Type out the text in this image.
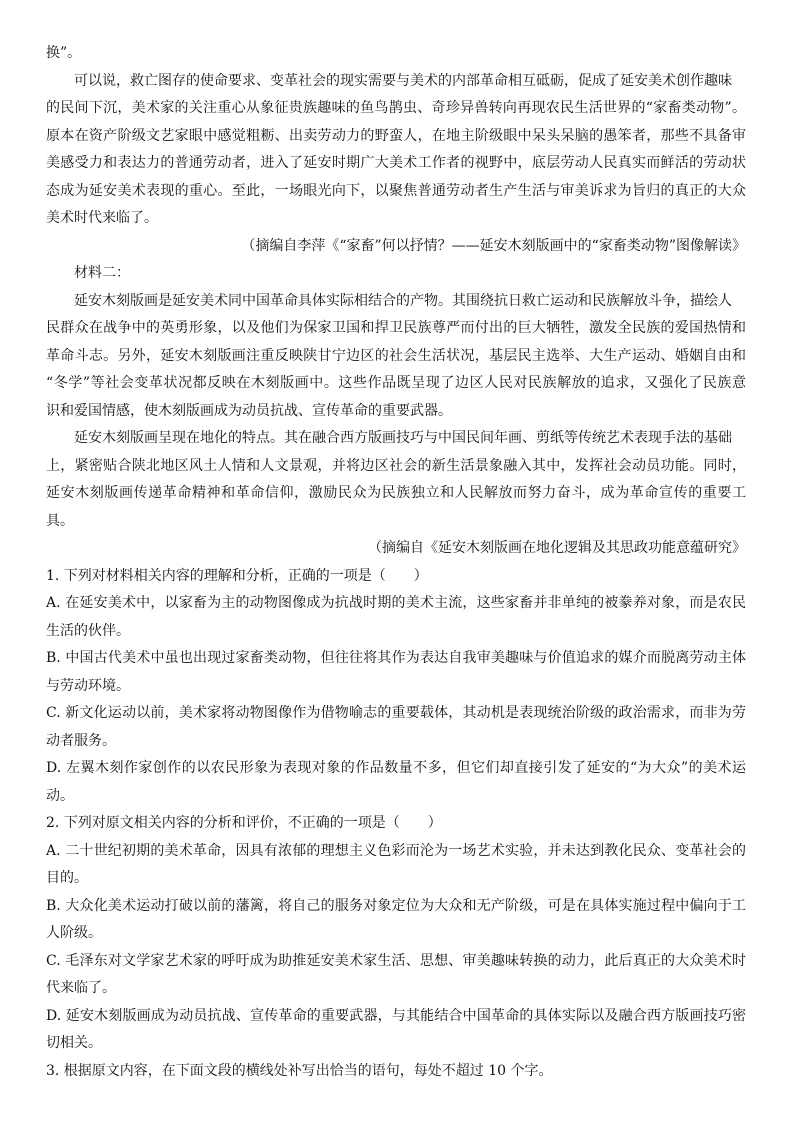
换”。
可以说，救亡图存的使命要求、变革社会的现实需要与美术的内部革命相互砥砺，促成了延安美术创作趣味
的民间下沉，美术家的关注重心从象征贵族趣味的鱼鸟鹊虫、奇珍异兽转向再现农民生活世界的“家畜类动物”。
原本在资产阶级文艺家眼中感觉粗粝、出卖劳动力的野蛮人，在地主阶级眼中呆头呆脑的愚笨者，那些不具备审
美感受力和表达力的普通劳动者，进入了延安时期广大美术工作者的视野中，底层劳动人民真实而鲜活的劳动状
态成为延安美术表现的重心。至此，一场眼光向下，以聚焦普通劳动者生产生活与审美诉求为旨归的真正的大众
美术时代来临了。
（摘编自李萍《“家畜”何以抒情？——延安木刻版画中的“家畜类动物”图像解读》
材料二：
延安木刻版画是延安美术同中国革命具体实际相结合的产物。其围绕抗日救亡运动和民族解放斗争，描绘人
民群众在战争中的英勇形象，以及他们为保家卫国和捍卫民族尊严而付出的巨大牺牲，激发全民族的爱国热情和
革命斗志。另外，延安木刻版画注重反映陕甘宁边区的社会生活状况，基层民主选举、大生产运动、婚姻自由和
“冬学”等社会变革状况都反映在木刻版画中。这些作品既呈现了边区人民对民族解放的追求，又强化了民族意
识和爱国情感，使木刻版画成为动员抗战、宣传革命的重要武器。
延安木刻版画呈现在地化的特点。其在融合西方版画技巧与中国民间年画、剪纸等传统艺术表现手法的基础
上，紧密贴合陕北地区风土人情和人文景观，并将边区社会的新生活景象融入其中，发挥社会动员功能。同时，
延安木刻版画传递革命精神和革命信仰，激励民众为民族独立和人民解放而努力奋斗，成为革命宣传的重要工
具。
（摘编自《延安木刻版画在地化逻辑及其思政功能意蕴研究》
1. 下列对材料相关内容的理解和分析，正确的一项是（　　）
A. 在延安美术中，以家畜为主的动物图像成为抗战时期的美术主流，这些家畜并非单纯的被豢养对象，而是农民
生活的伙伴。
B. 中国古代美术中虽也出现过家畜类动物，但往往将其作为表达自我审美趣味与价值追求的媒介而脱离劳动主体
与劳动环境。
C. 新文化运动以前，美术家将动物图像作为借物喻志的重要载体，其动机是表现统治阶级的政治需求，而非为劳
动者服务。
D. 左翼木刻作家创作的以农民形象为表现对象的作品数量不多，但它们却直接引发了延安的“为大众”的美术运
动。
2. 下列对原文相关内容的分析和评价，不正确的一项是（　　）
A. 二十世纪初期的美术革命，因具有浓郁的理想主义色彩而沦为一场艺术实验，并未达到教化民众、变革社会的
目的。
B. 大众化美术运动打破以前的藩篱，将自己的服务对象定位为大众和无产阶级，可是在具体实施过程中偏向于工
人阶级。
C. 毛泽东对文学家艺术家的呼吁成为助推延安美术家生活、思想、审美趣味转换的动力，此后真正的大众美术时
代来临了。
D. 延安木刻版画成为动员抗战、宣传革命的重要武器，与其能结合中国革命的具体实际以及融合西方版画技巧密
切相关。
3. 根据原文内容，在下面文段的横线处补写出恰当的语句，每处不超过 10 个字。
